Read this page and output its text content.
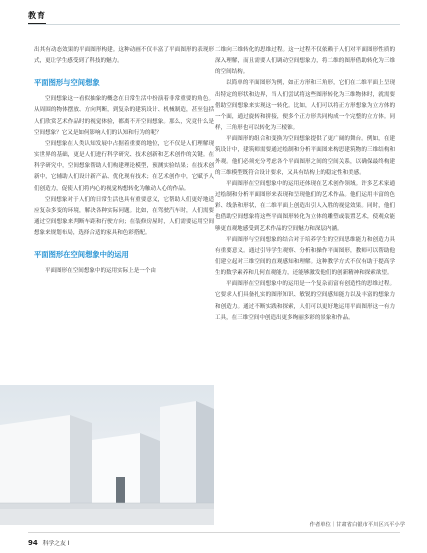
教育

出其有动态效果的平面图形构建。这种动画不仅丰富了平面图形的表现形式，更让学生感受到了科技的魅力。

平面图形与空间想象

空间想象这一看似抽象的概念在日常生活中扮演着非常重要的角色。从周围的物体摆放、方向判断，到复杂的建筑设计、机械制造，甚至包括人们欣赏艺术作品时的视觉体验，都离不开空间想象。那么，究竟什么是空间想象？它又是如何影响人们的认知和行为的呢？

空间想象在人类认知发展中占据着重要的地位，它不仅是人们理解现实世界的基础，更是人们进行科学研究、技术创新和艺术创作的关键。在科学研究中，空间想象帮助人们构建理论模型，预测实验结果；在技术创新中，它辅助人们设计新产品、优化现有技术；在艺术创作中，它赋予人们创造力，促使人们将内心的视觉构想转化为触动人心的作品。

空间想象对于人们的日常生活也具有重要意义，它帮助人们更好地适应复杂多变的环境，解决各种实际问题。比如，在驾驶汽车时，人们需要通过空间想象来判断车距和行驶方向；在装修房屋时，人们需要运用空间想象来规划布局，选择合适的家具和色彩搭配。

平面图形在空间想象中的运用

平面图形在空间想象中的运用实际上是一个由

二维向三维转化的思维过程。这一过程不仅依赖于人们对平面图形性质的深入理解，而且需要人们调动空间想象力，将二维的图形借助转化为三维的空间结构。

以简单的平面图形为例，如正方形和三角形，它们在二维平面上呈现出特定的形状和边界，当人们尝试将这些图形转化为三维物体时，就需要借助空间想象来实现这一转化。比如，人们可以将正方形想象为立方体的一个面，通过旋转和拼接，便多个正方形共同构成一个完整的立方体。同样，三角形也可以转化为三棱锥。

平面图形的组合和变换为空间想象提供了更广阔的舞台。例如，在建筑设计中，建筑师需要通过绘制和分析平面图来构思建筑物的三维结构和外观。他们必须充分考虑各个平面图形之间的空间关系，以确保最终构建的三维模型既符合设计要求，又具有结构上的稳定性和美感。

平面图形在空间想象中的运用还体现在艺术创作领域。许多艺术家通过绘制和分析平面图形来表现和呈现他们的艺术作品。他们运用丰富的色彩、线条和形状，在二维平面上创造出引人入胜的视觉效果。同时，他们也借助空间想象将这些平面图形转化为立体的雕塑或装置艺术，使观众能够更直观地感受到艺术作品的空间魅力和深层内涵。

平面图形与空间想象的结合对于培养学生的空间思维能力和创造力具有重要意义。通过引导学生观察、分析和操作平面图形，教师可以帮助他们建立起对三维空间的直观感知和理解。这种教学方式不仅有助于提高学生的数学素养和几何直观能力，还能够激发他们的创新精神和探索欲望。

平面图形在空间想象中的运用是一个复杂而富有创造性的思维过程。它要求人们具备扎实的图形知识、敏锐的空间感知能力以及丰富的想象力和创造力。通过不断实践和探索，人们可以更好地运用平面图形这一有力工具，在三维空间中创造出更多绚丽多彩的景象和作品。

作者单位｜甘肃省白银市平川区兴平小学
94 科学之友 I
